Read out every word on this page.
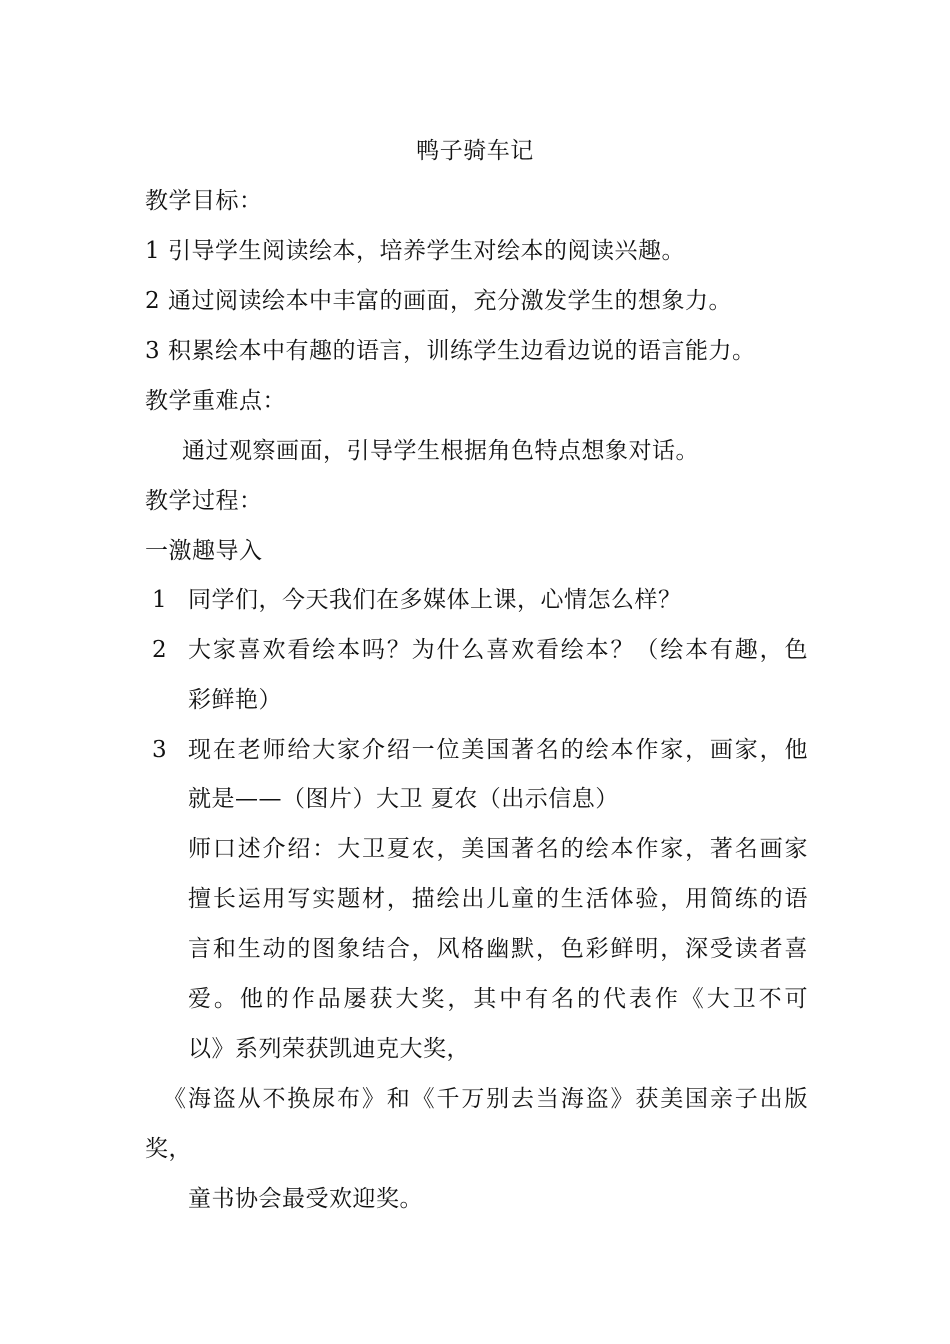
鸭子骑车记
教学目标：
1 引导学生阅读绘本，培养学生对绘本的阅读兴趣。
2 通过阅读绘本中丰富的画面，充分激发学生的想象力。
3 积累绘本中有趣的语言，训练学生边看边说的语言能力。
教学重难点：
通过观察画面，引导学生根据角色特点想象对话。
教学过程：
一激趣导入
1 同学们，今天我们在多媒体上课，心情怎么样？
2 大家喜欢看绘本吗？为什么喜欢看绘本？（绘本有趣，色
彩鲜艳）
3 现在老师给大家介绍一位美国著名的绘本作家，画家，他
就是——（图片）大卫 夏农（出示信息）
师口述介绍：大卫夏农，美国著名的绘本作家，著名画家
擅长运用写实题材，描绘出儿童的生活体验，用简练的语
言和生动的图象结合，风格幽默，色彩鲜明，深受读者喜
爱。他的作品屡获大奖，其中有名的代表作《大卫不可
以》系列荣获凯迪克大奖，
《海盗从不换尿布》和《千万别去当海盗》获美国亲子出版
奖，
童书协会最受欢迎奖。
